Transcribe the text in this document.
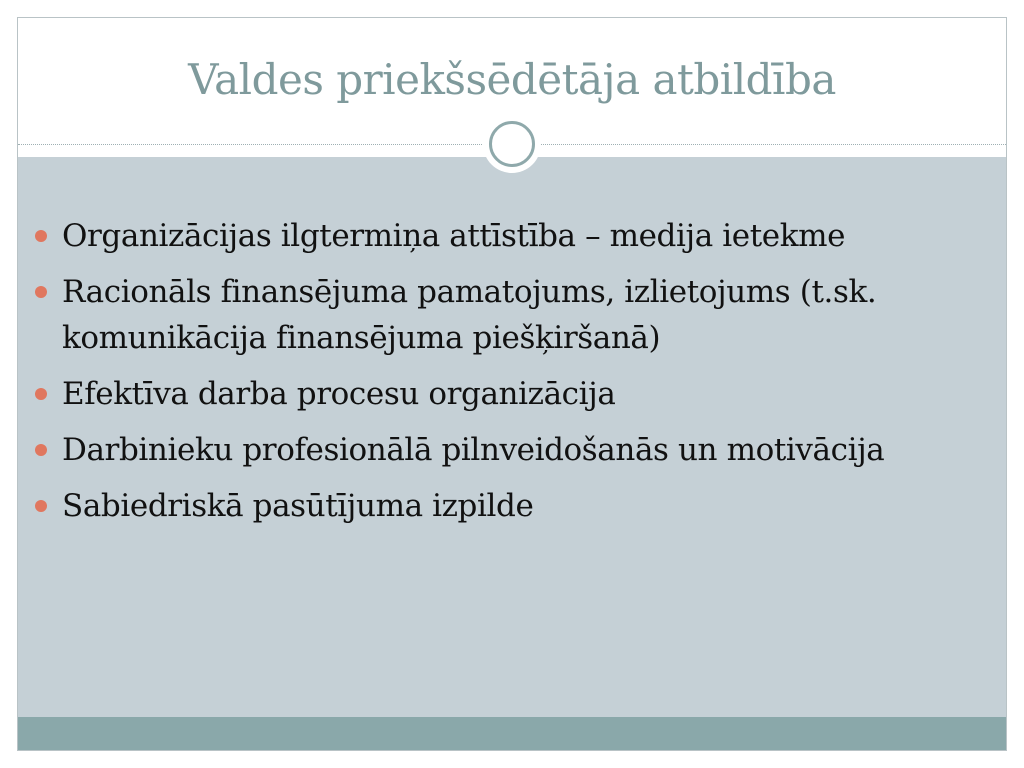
Valdes priekšsēdētāja atbildība
Organizācijas ilgtermiņa attīstība – medija ietekme
Racionāls finansējuma pamatojums, izlietojums (t.sk. komunikācija finansējuma piešķiršanā)
Efektīva darba procesu organizācija
Darbinieku profesionālā pilnveidošanās un motivācija
Sabiedriskā pasūtījuma izpilde
